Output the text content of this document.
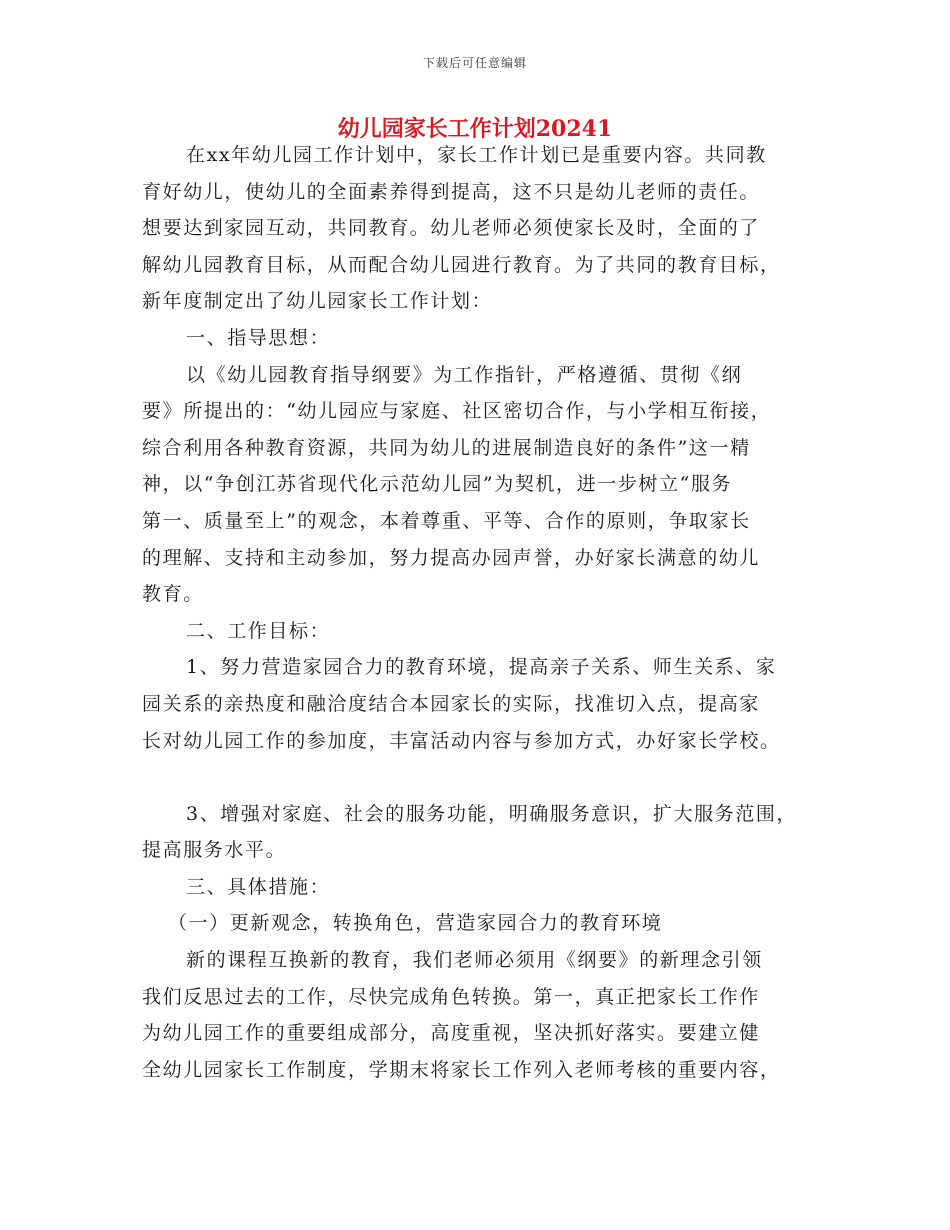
下载后可任意编辑
幼儿园家长工作计划20241
在xx年幼儿园工作计划中，家长工作计划已是重要内容。共同教
育好幼儿，使幼儿的全面素养得到提高，这不只是幼儿老师的责任。
想要达到家园互动，共同教育。幼儿老师必须使家长及时，全面的了
解幼儿园教育目标，从而配合幼儿园进行教育。为了共同的教育目标，
新年度制定出了幼儿园家长工作计划：
一、指导思想：
以《幼儿园教育指导纲要》为工作指针，严格遵循、贯彻《纲
要》所提出的：“幼儿园应与家庭、社区密切合作，与小学相互衔接，
综合利用各种教育资源，共同为幼儿的进展制造良好的条件”这一精
神，以“争创江苏省现代化示范幼儿园”为契机，进一步树立“服务
第一、质量至上”的观念，本着尊重、平等、合作的原则，争取家长
的理解、支持和主动参加，努力提高办园声誉，办好家长满意的幼儿
教育。
二、工作目标：
1、努力营造家园合力的教育环境，提高亲子关系、师生关系、家
园关系的亲热度和融洽度结合本园家长的实际，找准切入点，提高家
长对幼儿园工作的参加度，丰富活动内容与参加方式，办好家长学校。
3、增强对家庭、社会的服务功能，明确服务意识，扩大服务范围，
提高服务水平。
三、具体措施：
（一）更新观念，转换角色，营造家园合力的教育环境
新的课程互换新的教育，我们老师必须用《纲要》的新理念引领
我们反思过去的工作，尽快完成角色转换。第一，真正把家长工作作
为幼儿园工作的重要组成部分，高度重视，坚决抓好落实。要建立健
全幼儿园家长工作制度，学期末将家长工作列入老师考核的重要内容，
